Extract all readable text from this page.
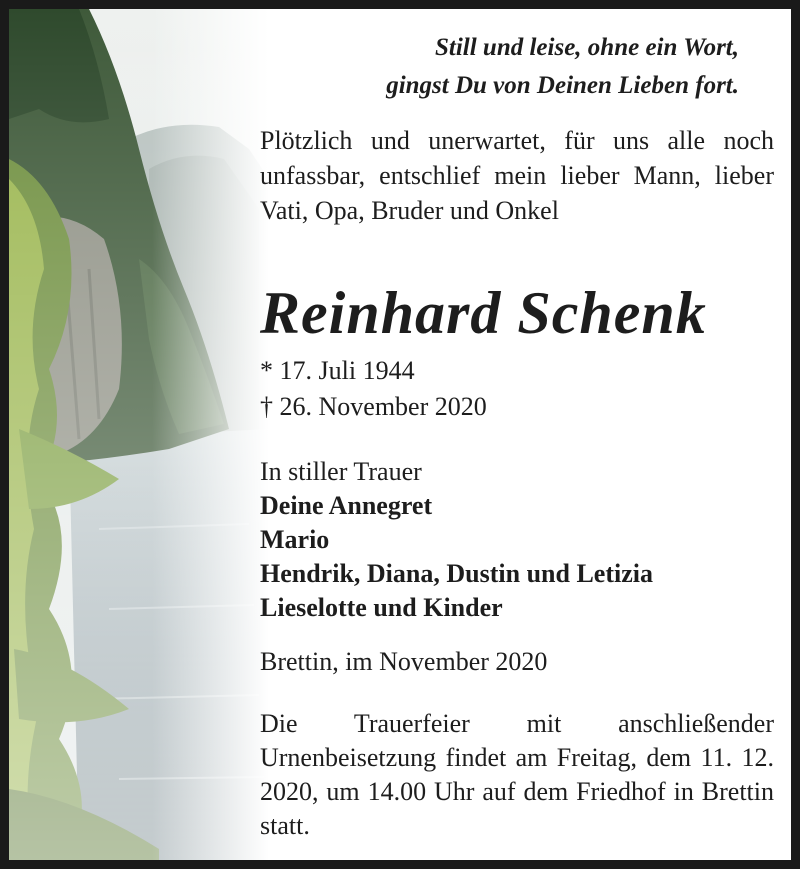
Still und leise, ohne ein Wort,
gingst Du von Deinen Lieben fort.
Plötzlich und unerwartet, für uns alle noch unfassbar, entschlief mein lieber Mann, lieber Vati, Opa, Bruder und Onkel
Reinhard Schenk
* 17. Juli 1944
† 26. November 2020
In stiller Trauer
Deine Annegret
Mario
Hendrik, Diana, Dustin und Letizia
Lieselotte und Kinder
Brettin, im November 2020
Die Trauerfeier mit anschließender Urnenbeisetzung findet am Freitag, dem 11. 12. 2020, um 14.00 Uhr auf dem Friedhof in Brettin statt.
